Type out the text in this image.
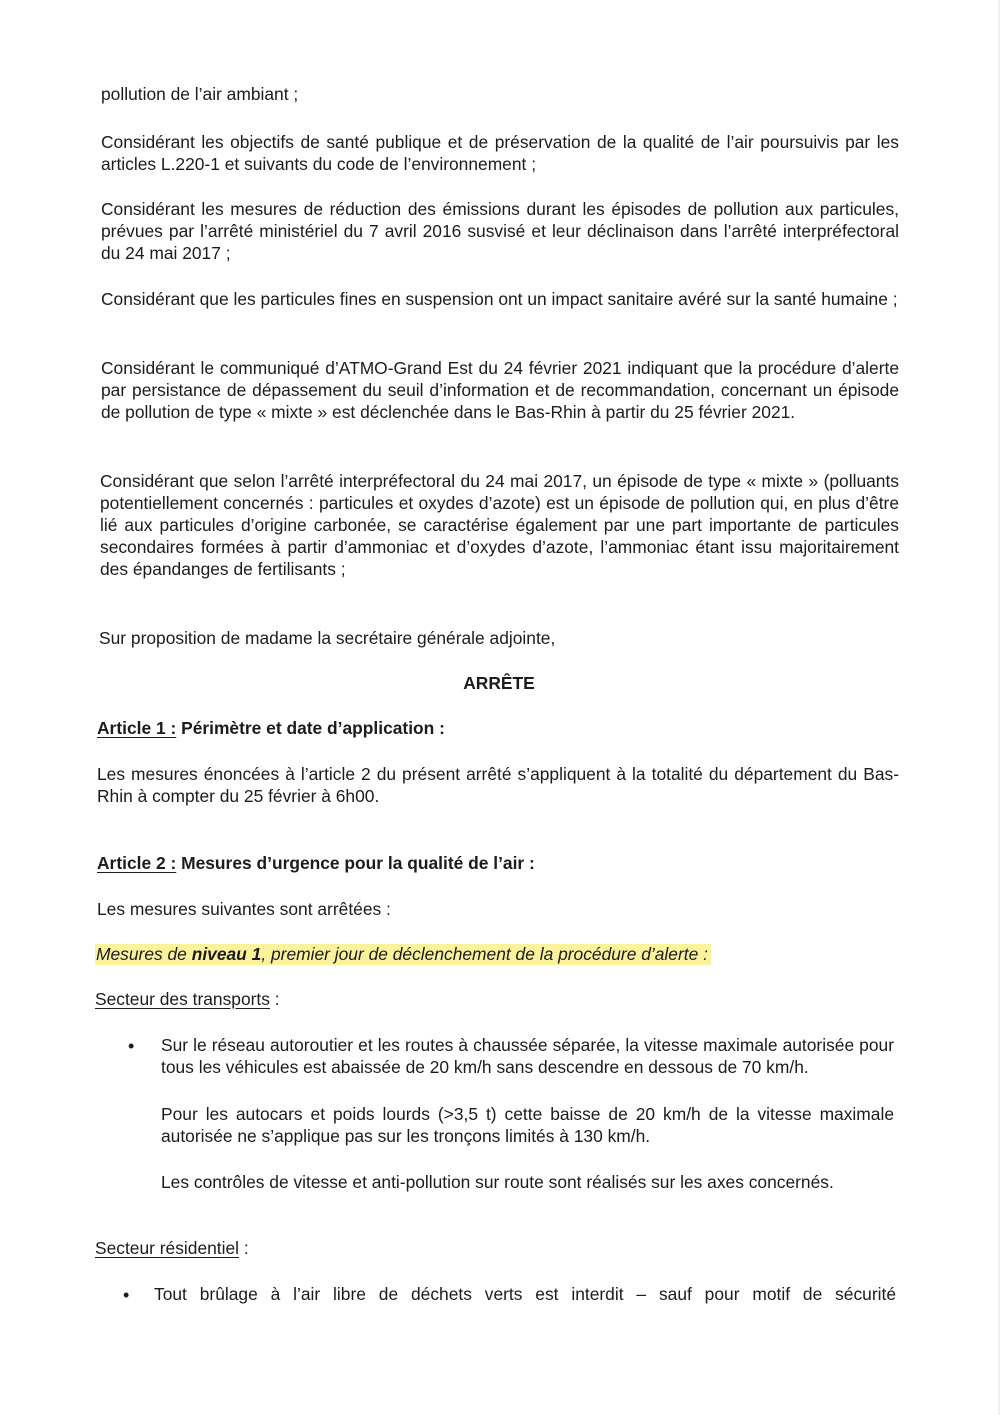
pollution de l’air ambiant ;

Considérant les objectifs de santé publique et de préservation de la qualité de l’air poursuivis par les articles L.220-1 et suivants du code de l’environnement ;

Considérant les mesures de réduction des émissions durant les épisodes de pollution aux particules, prévues par l’arrêté ministériel du 7 avril 2016 susvisé et leur déclinaison dans l’arrêté interpréfectoral du 24 mai 2017 ;

Considérant que les particules fines en suspension ont un impact sanitaire avéré sur la santé humaine ;

Considérant le communiqué d’ATMO-Grand Est du 24 février 2021 indiquant que la procédure d’alerte par persistance de dépassement du seuil d’information et de recommandation, concernant un épisode de pollution de type « mixte » est déclenchée dans le Bas-Rhin à partir du 25 février 2021.

Considérant que selon l’arrêté interpréfectoral du 24 mai 2017, un épisode de type « mixte » (polluants potentiellement concernés : particules et oxydes d’azote) est un épisode de pollution qui, en plus d’être lié aux particules d’origine carbonée, se caractérise également par une part importante de particules secondaires formées à partir d’ammoniac et d’oxydes d’azote, l’ammoniac étant issu majoritairement des épandanges de fertilisants ;

Sur proposition de madame la secrétaire générale adjointe,

ARRÊTE
Article 1 : Périmètre et date d’application :

Les mesures énoncées à l’article 2 du présent arrêté s’appliquent à la totalité du département du Bas-Rhin à compter du 25 février à 6h00.

Article 2 : Mesures d’urgence pour la qualité de l’air :

Les mesures suivantes sont arrêtées :

Mesures de niveau 1, premier jour de déclenchement de la procédure d’alerte :

Secteur des transports :

• Sur le réseau autoroutier et les routes à chaussée séparée, la vitesse maximale autorisée pour tous les véhicules est abaissée de 20 km/h sans descendre en dessous de 70 km/h.

Pour les autocars et poids lourds (>3,5 t) cette baisse de 20 km/h de la vitesse maximale autorisée ne s’applique pas sur les tronçons limités à 130 km/h.

Les contrôles de vitesse et anti-pollution sur route sont réalisés sur les axes concernés.

Secteur résidentiel :

• Tout brûlage à l’air libre de déchets verts est interdit – sauf pour motif de sécurité
